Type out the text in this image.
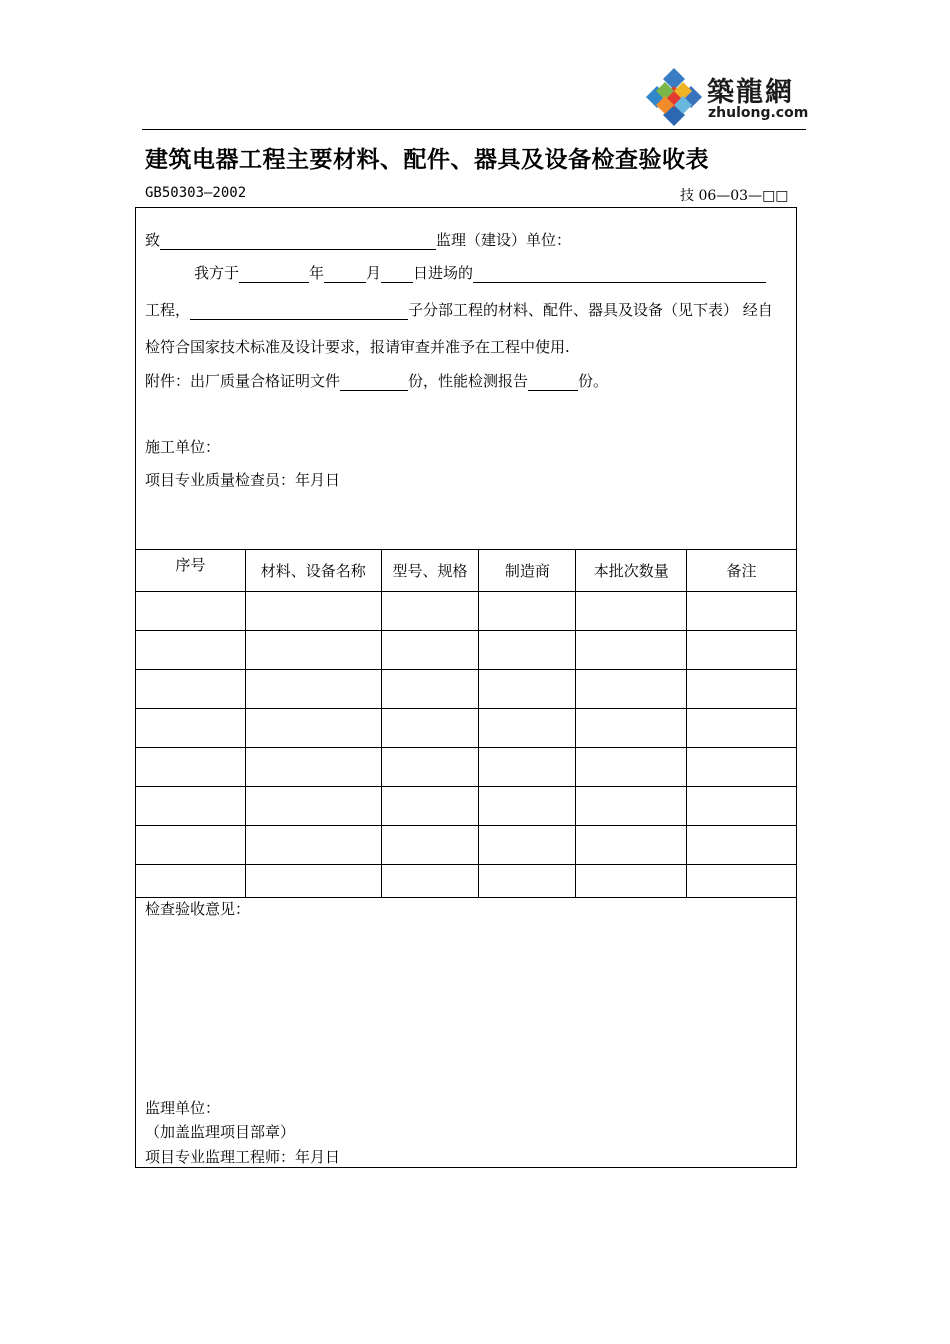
築龍網
zhulong.com
建筑电器工程主要材料、配件、器具及设备检查验收表
GB50303—2002	技 06—03—□□
致	监理（建设）单位：
我方于	年	月 日进场的
工程，	子分部工程的材料、配件、器具及设备（见下表） 经自
检符合国家技术标准及设计要求，报请审查并准予在工程中使用.
附件：出厂质量合格证明文件	份，性能检测报告	份。
施工单位：
项目专业质量检查员：年月日
序号	材料、设备名称	型号、规格	制造商	本批次数量	备注

检查验收意见：
监理单位：
（加盖监理项目部章）
项目专业监理工程师：年月日
